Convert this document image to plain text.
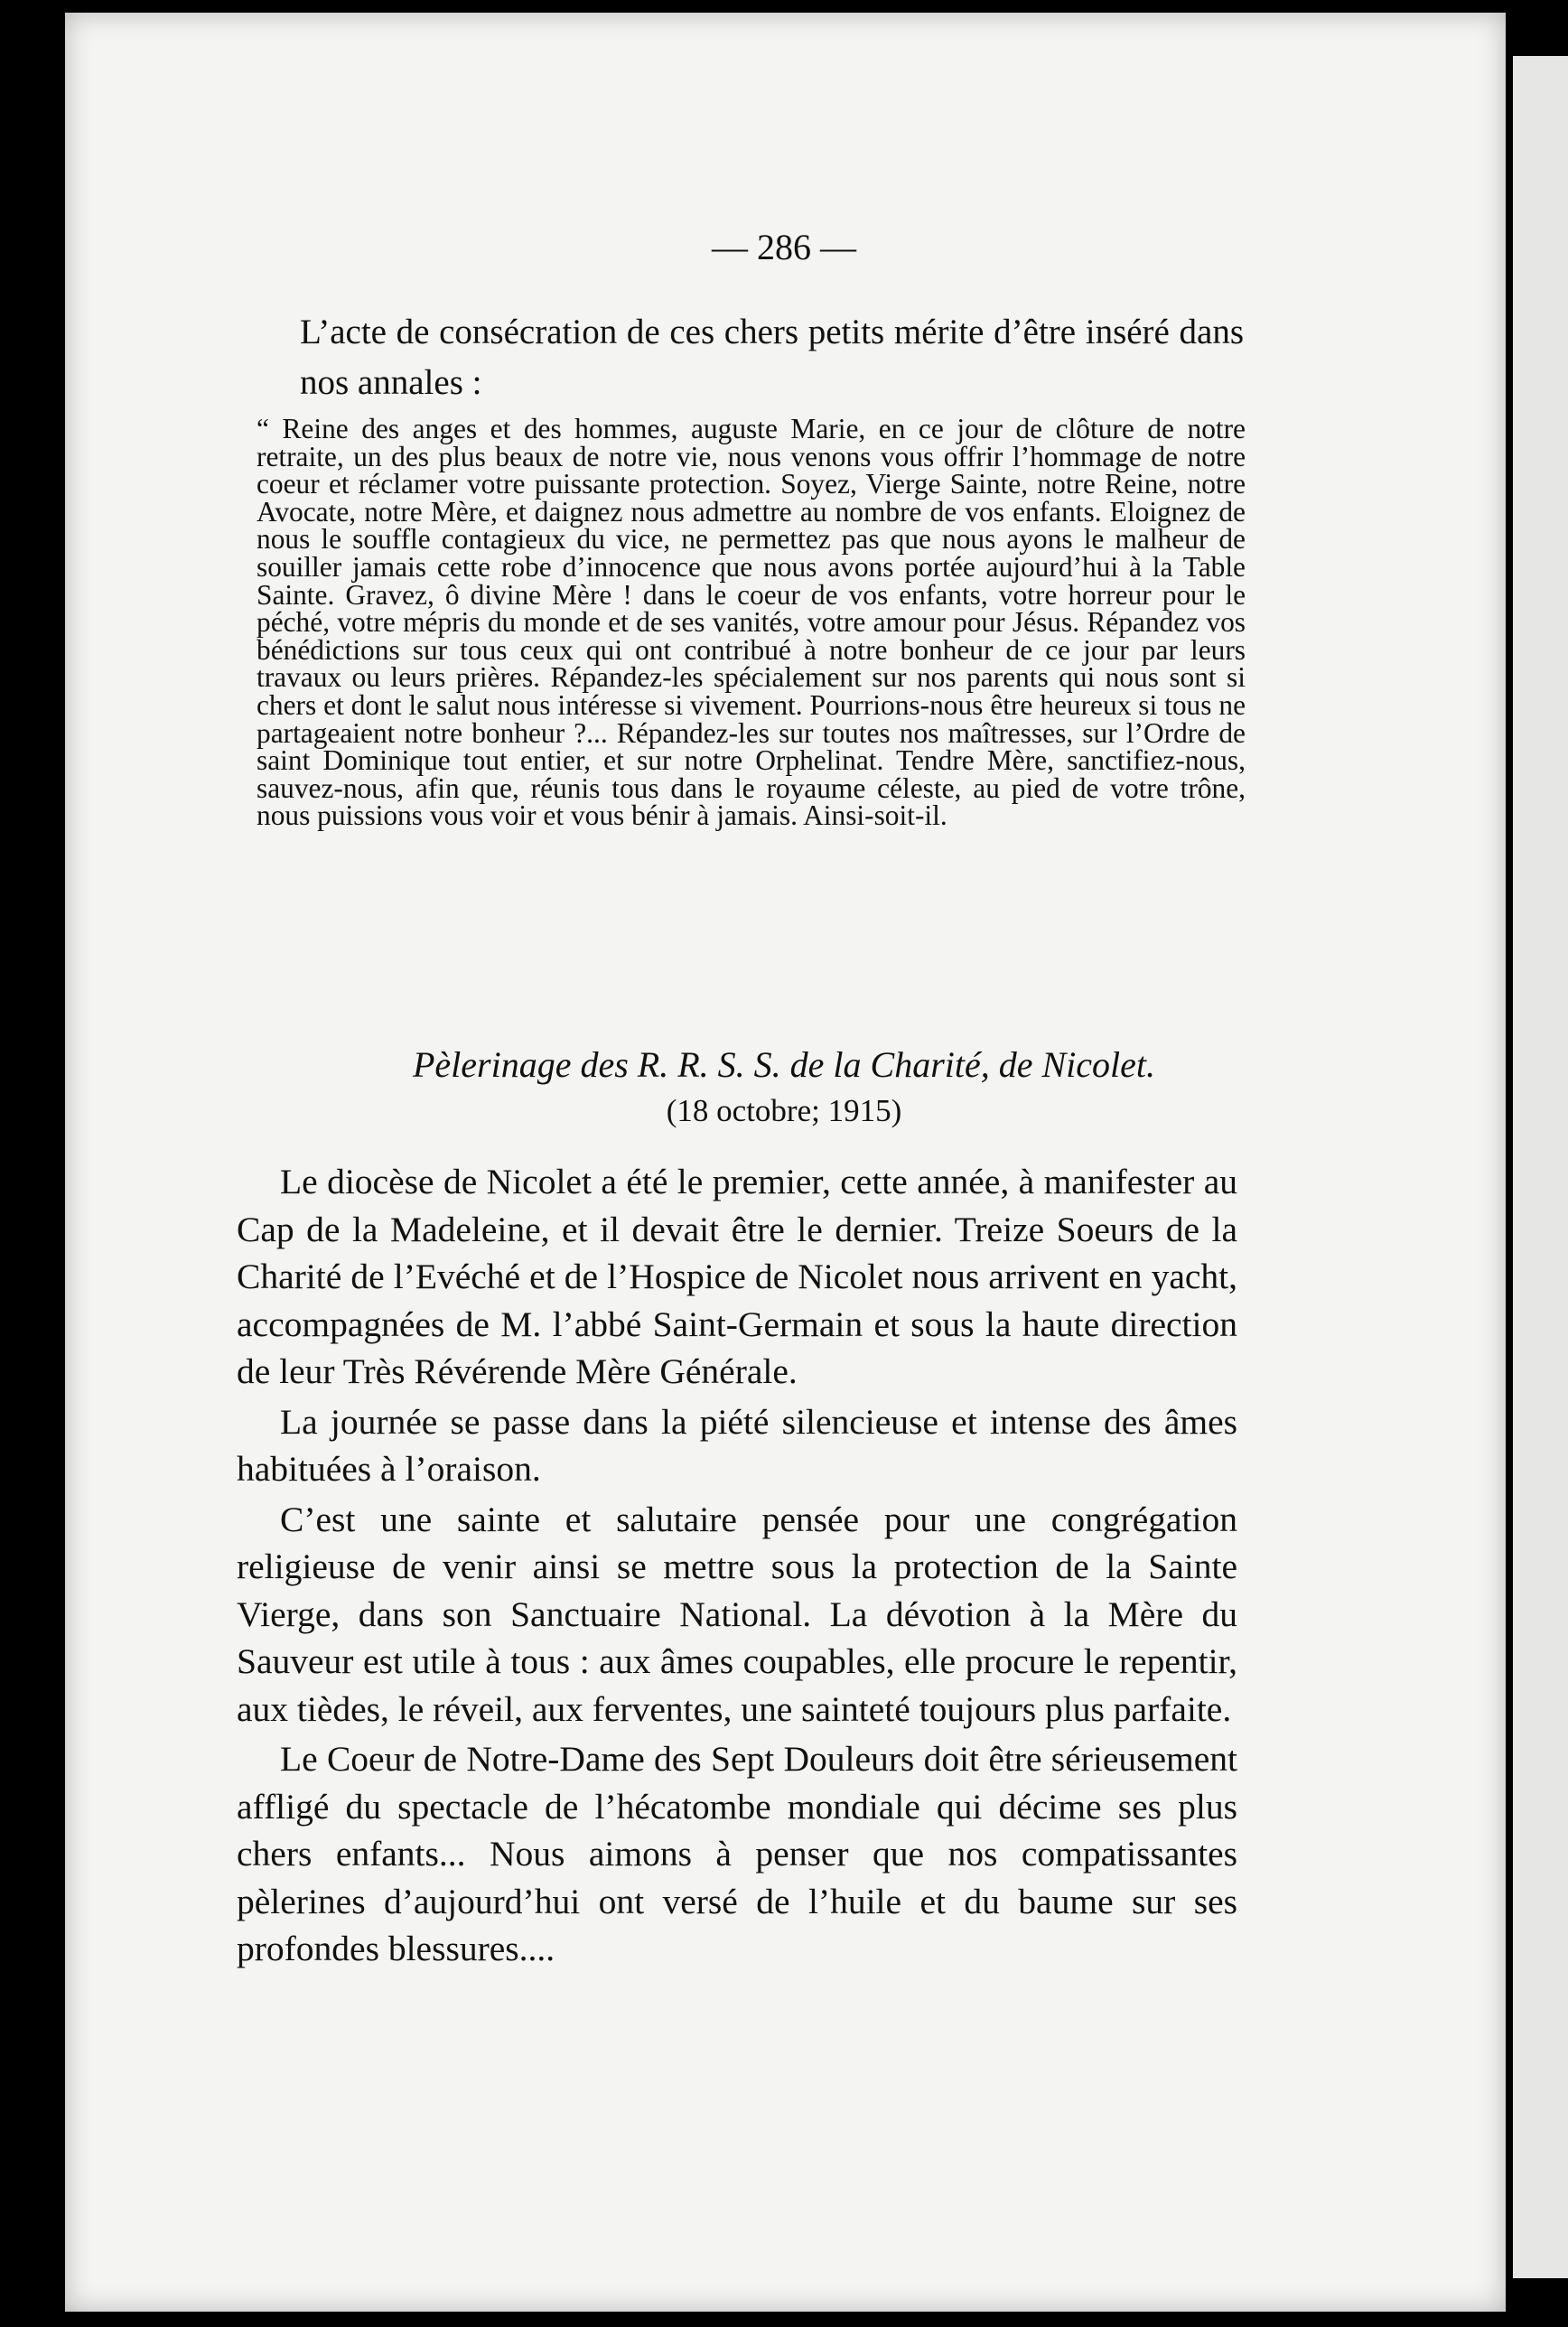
— 286 —
L’acte de consécration de ces chers petits mérite d’être inséré dans nos annales :
“ Reine des anges et des hommes, auguste Marie, en ce jour de clôture de notre retraite, un des plus beaux de notre vie, nous venons vous offrir l’hommage de notre coeur et réclamer votre puissante protection. Soyez, Vierge Sainte, notre Reine, notre Avocate, notre Mère, et daignez nous admettre au nombre de vos enfants. Eloignez de nous le souffle contagieux du vice, ne permettez pas que nous ayons le malheur de souiller jamais cette robe d’innocence que nous avons portée aujourd’hui à la Table Sainte. Gravez, ô divine Mère ! dans le coeur de vos enfants, votre horreur pour le péché, votre mépris du monde et de ses vanités, votre amour pour Jésus. Répandez vos bénédictions sur tous ceux qui ont contribué à notre bonheur de ce jour par leurs travaux ou leurs prières. Répandez-les spécialement sur nos parents qui nous sont si chers et dont le salut nous intéresse si vivement. Pourrions-nous être heureux si tous ne partageaient notre bonheur ?... Répandez-les sur toutes nos maîtresses, sur l’Ordre de saint Dominique tout entier, et sur notre Orphelinat. Tendre Mère, sanctifiez-nous, sauvez-nous, afin que, réunis tous dans le royaume céleste, au pied de votre trône, nous puissions vous voir et vous bénir à jamais. Ainsi-soit-il.
Pèlerinage des R. R. S. S. de la Charité, de Nicolet.
(18 octobre; 1915)

Le diocèse de Nicolet a été le premier, cette année, à manifester au Cap de la Madeleine, et il devait être le dernier. Treize Soeurs de la Charité de l’Evéché et de l’Hospice de Nicolet nous arrivent en yacht, accompagnées de M. l’abbé Saint-Germain et sous la haute direction de leur Très Révérende Mère Générale.

La journée se passe dans la piété silencieuse et intense des âmes habituées à l’oraison.

C’est une sainte et salutaire pensée pour une congrégation religieuse de venir ainsi se mettre sous la protection de la Sainte Vierge, dans son Sanctuaire National. La dévotion à la Mère du Sauveur est utile à tous : aux âmes coupables, elle procure le repentir, aux tièdes, le réveil, aux ferventes, une sainteté toujours plus parfaite.

Le Coeur de Notre-Dame des Sept Douleurs doit être sérieusement affligé du spectacle de l’hécatombe mondiale qui décime ses plus chers enfants... Nous aimons à penser que nos compatissantes pèlerines d’aujourd’hui ont versé de l’huile et du baume sur ses profondes blessures....
